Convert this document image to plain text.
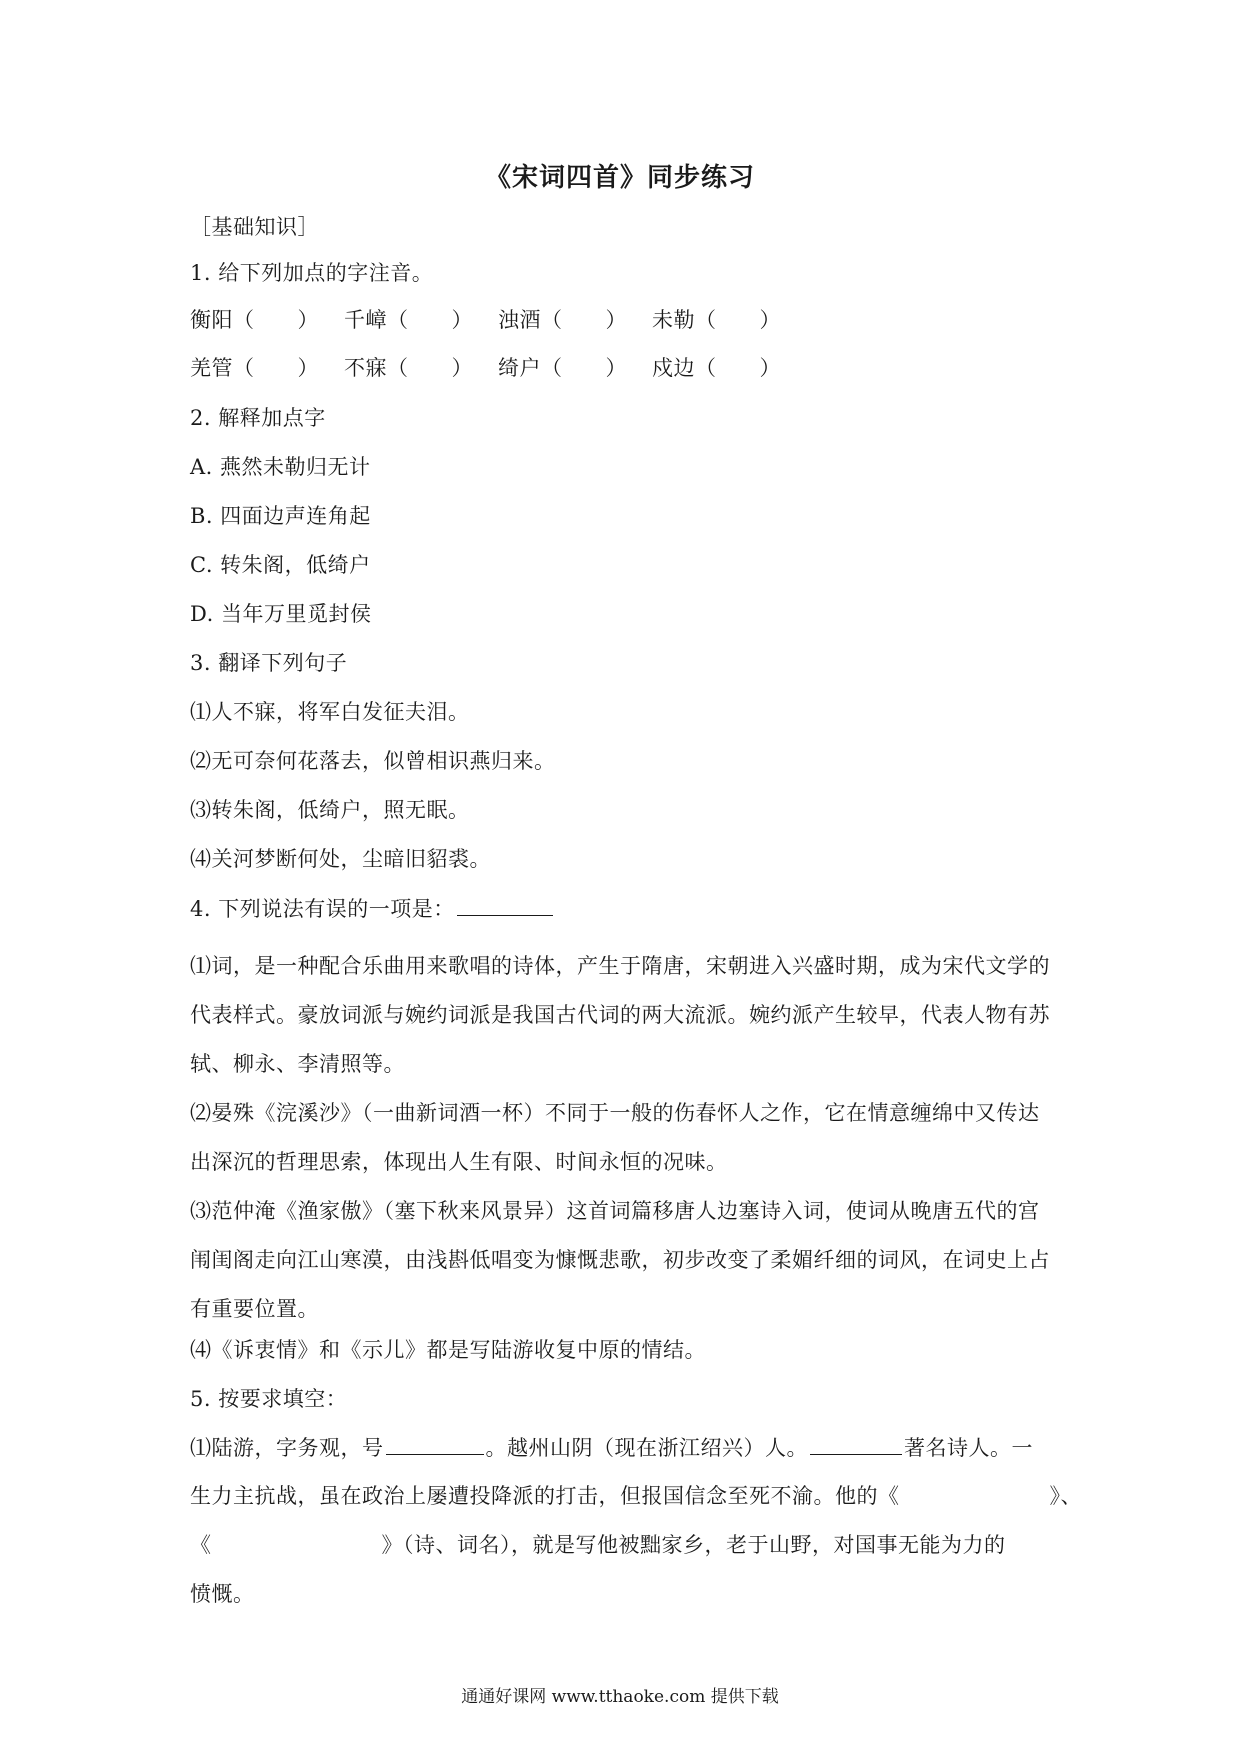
《宋词四首》同步练习
［基础知识］
1. 给下列加点的字注音。
衡阳（　　）	千嶂（　　）	浊酒（　　）	未勒（　　）
羌管（　　）	不寐（　　）	绮户（　　）	戍边（　　）
2. 解释加点字
A. 燕然未勒归无计
B. 四面边声连角起
C. 转朱阁，低绮户
D. 当年万里觅封侯
3. 翻译下列句子
⑴人不寐，将军白发征夫泪。
⑵无可奈何花落去，似曾相识燕归来。
⑶转朱阁，低绮户，照无眠。
⑷关河梦断何处，尘暗旧貂裘。
4. 下列说法有误的一项是：
⑴词，是一种配合乐曲用来歌唱的诗体，产生于隋唐，宋朝进入兴盛时期，成为宋代文学的代表样式。豪放词派与婉约词派是我国古代词的两大流派。婉约派产生较早，代表人物有苏轼、柳永、李清照等。
⑵晏殊《浣溪沙》（一曲新词酒一杯）不同于一般的伤春怀人之作，它在情意缠绵中又传达出深沉的哲理思索，体现出人生有限、时间永恒的况味。
⑶范仲淹《渔家傲》（塞下秋来风景异）这首词篇移唐人边塞诗入词，使词从晚唐五代的宫闱闺阁走向江山寒漠，由浅斟低唱变为慷慨悲歌，初步改变了柔媚纤细的词风，在词史上占有重要位置。
⑷《诉衷情》和《示儿》都是写陆游收复中原的情结。
5. 按要求填空：
⑴陆游，字务观，号	。越州山阴（现在浙江绍兴）人。	著名诗人。一
生力主抗战，虽在政治上屡遭投降派的打击，但报国信念至死不渝。他的《	》、
《	》（诗、词名），就是写他被黜家乡，老于山野，对国事无能为力的
愤慨。
通通好课网 www.tthaoke.com 提供下载
